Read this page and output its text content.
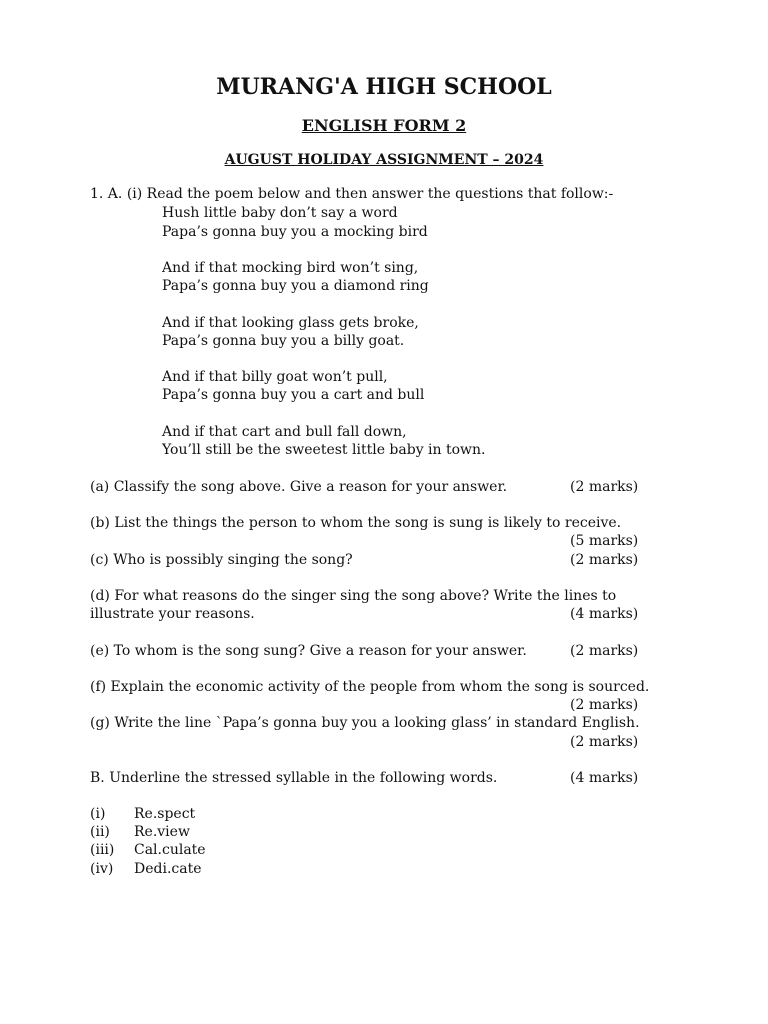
MURANG'A HIGH SCHOOL
ENGLISH FORM 2
AUGUST HOLIDAY ASSIGNMENT – 2024
1. A. (i) Read the poem below and then answer the questions that follow:-
Hush little baby don’t say a word
Papa’s gonna buy you a mocking bird
And if that mocking bird won’t sing,
Papa’s gonna buy you a diamond ring
And if that looking glass gets broke,
Papa’s gonna buy you a billy goat.
And if that billy goat won’t pull,
Papa’s gonna buy you a cart and bull
And if that cart and bull fall down,
You’ll still be the sweetest little baby in town.
(a) Classify the song above. Give a reason for your answer.	(2 marks)
(b) List the things the person to whom the song is sung is likely to receive.
(5 marks)
(c) Who is possibly singing the song?	(2 marks)
(d) For what reasons do the singer sing the song above? Write the lines to
illustrate your reasons.	(4 marks)
(e) To whom is the song sung? Give a reason for your answer.	(2 marks)
(f) Explain the economic activity of the people from whom the song is sourced.
(2 marks)
(g) Write the line `Papa’s gonna buy you a looking glass’ in standard English.
(2 marks)
B. Underline the stressed syllable in the following words.	(4 marks)
(i) Re.spect
(ii) Re.view
(iii) Cal.culate
(iv) Dedi.cate
